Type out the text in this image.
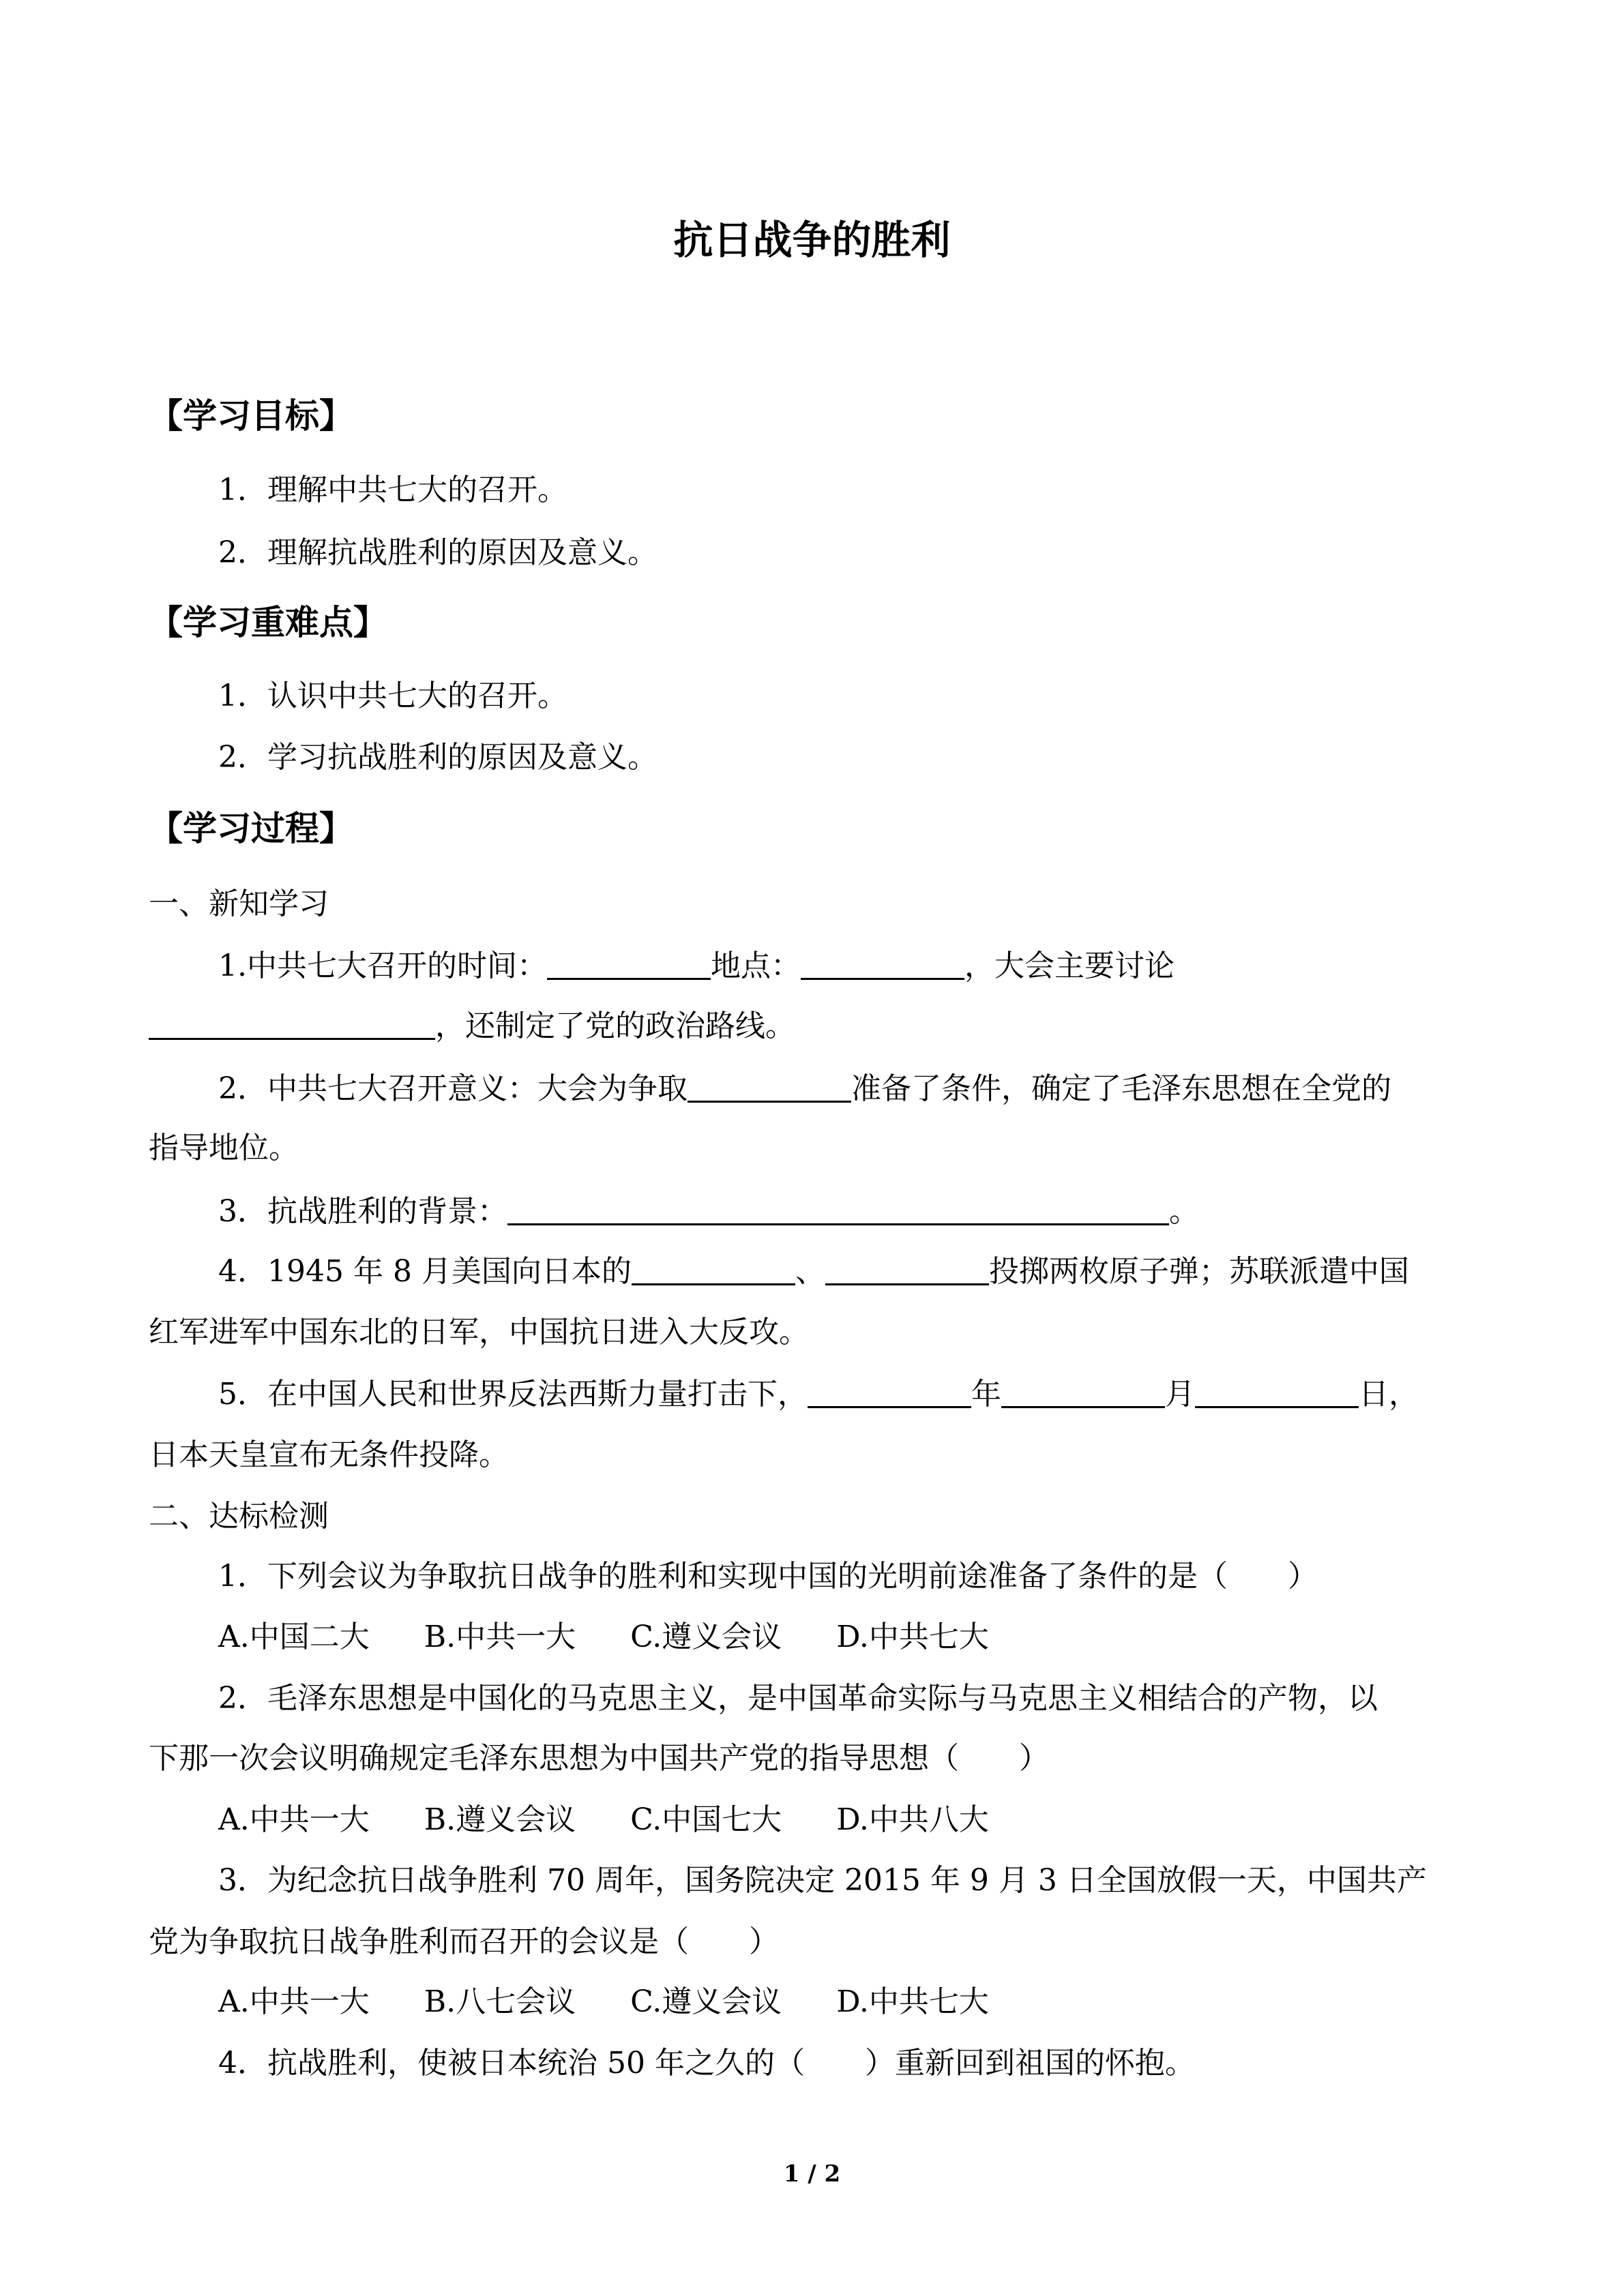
抗日战争的胜利
【学习目标】
1．理解中共七大的召开。
2．理解抗战胜利的原因及意义。
【学习重难点】
1．认识中共七大的召开。
2．学习抗战胜利的原因及意义。
【学习过程】
一、新知学习
1.中共七大召开的时间：	地点：	，大会主要讨论
，还制定了党的政治路线。
2．中共七大召开意义：大会为争取	准备了条件，确定了毛泽东思想在全党的
指导地位。
3．抗战胜利的背景：	。
4．1945 年 8 月美国向日本的	、	投掷两枚原子弹；苏联派遣中国
红军进军中国东北的日军，中国抗日进入大反攻。
5．在中国人民和世界反法西斯力量打击下，	年	月	日，
日本天皇宣布无条件投降。
二、达标检测
1．下列会议为争取抗日战争的胜利和实现中国的光明前途准备了条件的是（　　）
A.中国二大 B.中共一大 C.遵义会议 D.中共七大
2．毛泽东思想是中国化的马克思主义，是中国革命实际与马克思主义相结合的产物，以
下那一次会议明确规定毛泽东思想为中国共产党的指导思想（　　）
A.中共一大 B.遵义会议 C.中国七大 D.中共八大
3．为纪念抗日战争胜利 70 周年，国务院决定 2015 年 9 月 3 日全国放假一天，中国共产
党为争取抗日战争胜利而召开的会议是（　　）
A.中共一大 B.八七会议 C.遵义会议 D.中共七大
4．抗战胜利，使被日本统治 50 年之久的（　　）重新回到祖国的怀抱。
1 / 2
